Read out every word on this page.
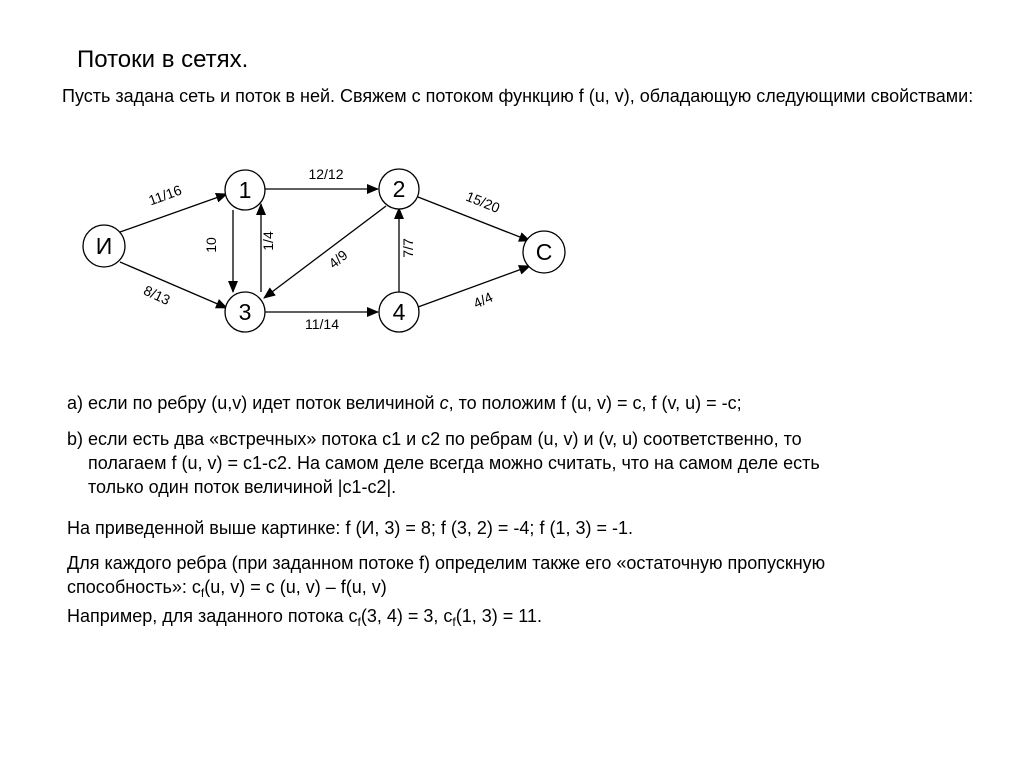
Потоки в сетях.
Пусть задана сеть и поток в ней. Свяжем с потоком функцию f (u, v), обладающую следующими свойствами:
И
1	2
3	4
С
11/16
8/13
12/12
10	1/4
4/9	7/7
11/14
15/20
4/4
a) если по ребру (u,v) идет поток величиной c, то положим f (u, v) = c, f (v, u) = -c;
b) если есть два «встречных» потока c1 и c2 по ребрам (u, v) и (v, u) соответственно, то
полагаем f (u, v) = c1-c2. На самом деле всегда можно считать, что на самом деле есть
только один поток величиной |c1-c2|.
На приведенной выше картинке: f (И, 3) = 8; f (3, 2) = -4; f (1, 3) = -1.
Для каждого ребра (при заданном потоке f) определим также его «остаточную пропускную
способность»: $c_f(u$, v) = c (u, v) – f(u, v)
Например, для заданного потока $c_f(3$, 4) = 3, $c_f(1$, 3) = 11.
